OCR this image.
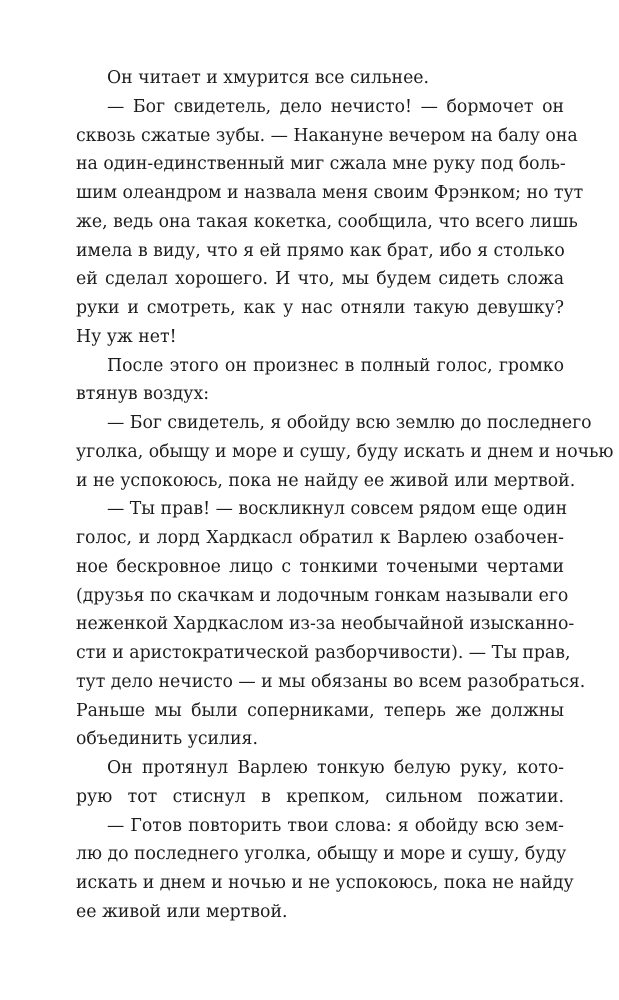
Он читает и хмурится все сильнее.
— Бог свидетель, дело нечисто! — бормочет он
сквозь сжатые зубы. — Накануне вечером на балу она
на один-единственный миг сжала мне руку под боль-
шим олеандром и назвала меня своим Фрэнком; но тут
же, ведь она такая кокетка, сообщила, что всего лишь
имела в виду, что я ей прямо как брат, ибо я столько
ей сделал хорошего. И что, мы будем сидеть сложа
руки и смотреть, как у нас отняли такую девушку?
Ну уж нет!
После этого он произнес в полный голос, громко
втянув воздух:
— Бог свидетель, я обойду всю землю до последнего
уголка, обыщу и море и сушу, буду искать и днем и ночью
и не успокоюсь, пока не найду ее живой или мертвой.
— Ты прав! — воскликнул совсем рядом еще один
голос, и лорд Хардкасл обратил к Варлею озабочен-
ное бескровное лицо с тонкими точеными чертами
(друзья по скачкам и лодочным гонкам называли его
неженкой Хардкаслом из-за необычайной изысканно-
сти и аристократической разборчивости). — Ты прав,
тут дело нечисто — и мы обязаны во всем разобраться.
Раньше мы были соперниками, теперь же должны
объединить усилия.
Он протянул Варлею тонкую белую руку, кото-
рую тот стиснул в крепком, сильном пожатии.
— Готов повторить твои слова: я обойду всю зем-
лю до последнего уголка, обыщу и море и сушу, буду
искать и днем и ночью и не успокоюсь, пока не найду
ее живой или мертвой.
